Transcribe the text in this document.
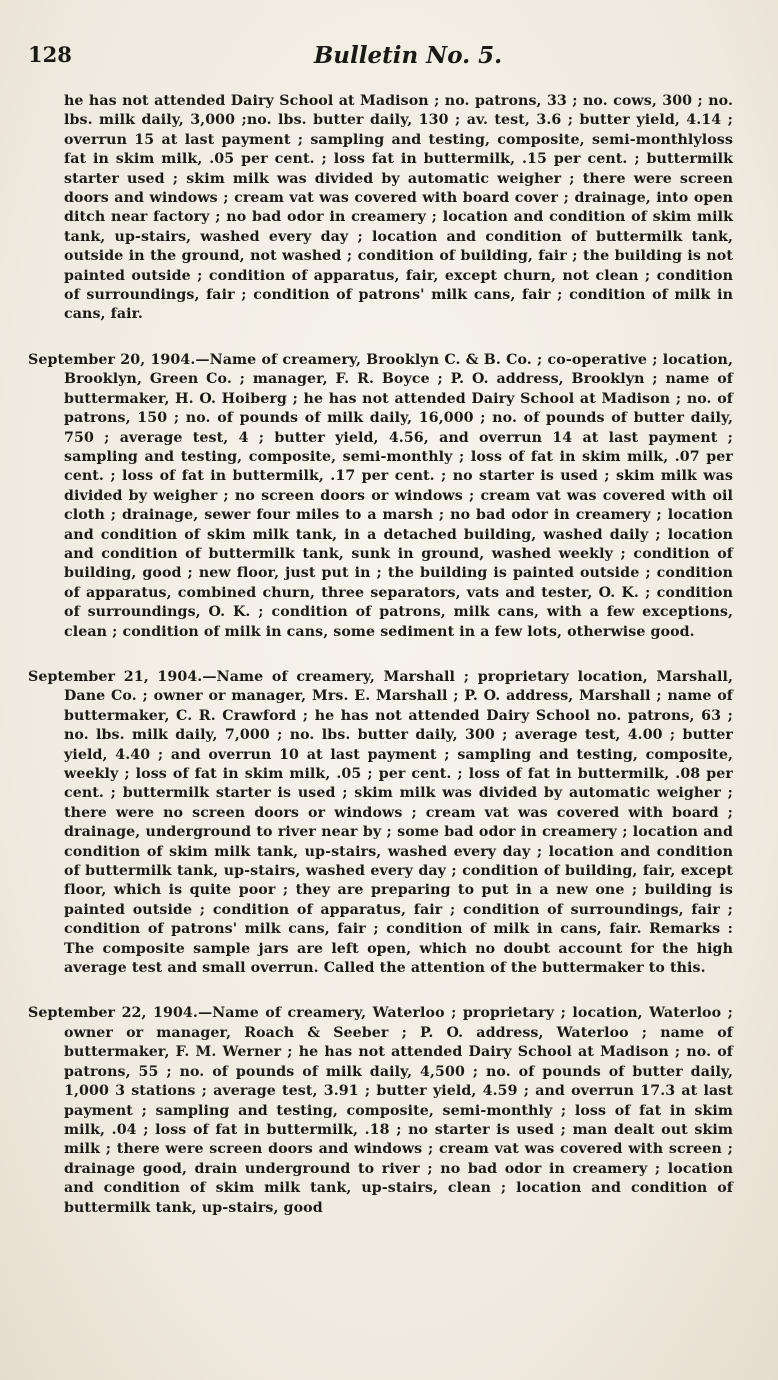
128	Bulletin No. 5.

he has not attended Dairy School at Madison ; no. patrons, 33 ; no. cows, 300 ; no. lbs. milk daily, 3,000 ;no. lbs. butter daily, 130 ; av. test, 3.6 ; butter yield, 4.14 ; overrun 15 at last payment ; sampling and testing, composite, semi-monthlyloss fat in skim milk, .05 per cent. ; loss fat in buttermilk, .15 per cent. ; buttermilk starter used ; skim milk was divided by automatic weigher ; there were screen doors and windows ; cream vat was covered with board cover ; drainage, into open ditch near factory ; no bad odor in creamery ; location and condition of skim milk tank, up-stairs, washed every day ; location and condition of buttermilk tank, outside in the ground, not washed ; condition of building, fair ; the building is not painted outside ; condition of apparatus, fair, except churn, not clean ; condition of surroundings, fair ; condition of patrons' milk cans, fair ; condition of milk in cans, fair.

September 20, 1904.—Name of creamery, Brooklyn C. & B. Co. ; co-operative ; location, Brooklyn, Green Co. ; manager, F. R. Boyce ; P. O. address, Brooklyn ; name of buttermaker, H. O. Hoiberg ; he has not attended Dairy School at Madison ; no. of patrons, 150 ; no. of pounds of milk daily, 16,000 ; no. of pounds of butter daily, 750 ; average test, 4 ; butter yield, 4.56, and overrun 14 at last payment ; sampling and testing, composite, semi-monthly ; loss of fat in skim milk, .07 per cent. ; loss of fat in buttermilk, .17 per cent. ; no starter is used ; skim milk was divided by weigher ; no screen doors or windows ; cream vat was covered with oil cloth ; drainage, sewer four miles to a marsh ; no bad odor in creamery ; location and condition of skim milk tank, in a detached building, washed daily ; location and condition of buttermilk tank, sunk in ground, washed weekly ; condition of building, good ; new floor, just put in ; the building is painted outside ; condition of apparatus, combined churn, three separators, vats and tester, O. K. ; condition of surroundings, O. K. ; condition of patrons, milk cans, with a few exceptions, clean ; condition of milk in cans, some sediment in a few lots, otherwise good.

September 21, 1904.—Name of creamery, Marshall ; proprietary location, Marshall, Dane Co. ; owner or manager, Mrs. E. Marshall ; P. O. address, Marshall ; name of buttermaker, C. R. Crawford ; he has not attended Dairy School no. patrons, 63 ; no. lbs. milk daily, 7,000 ; no. lbs. butter daily, 300 ; average test, 4.00 ; butter yield, 4.40 ; and overrun 10 at last payment ; sampling and testing, composite, weekly ; loss of fat in skim milk, .05 ; per cent. ; loss of fat in buttermilk, .08 per cent. ; buttermilk starter is used ; skim milk was divided by automatic weigher ; there were no screen doors or windows ; cream vat was covered with board ; drainage, underground to river near by ; some bad odor in creamery ; location and condition of skim milk tank, up-stairs, washed every day ; location and condition of buttermilk tank, up-stairs, washed every day ; condition of building, fair, except floor, which is quite poor ; they are preparing to put in a new one ; building is painted outside ; condition of apparatus, fair ; condition of surroundings, fair ; condition of patrons' milk cans, fair ; condition of milk in cans, fair. Remarks : The composite sample jars are left open, which no doubt account for the high average test and small overrun. Called the attention of the buttermaker to this.

September 22, 1904.—Name of creamery, Waterloo ; proprietary ; location, Waterloo ; owner or manager, Roach & Seeber ; P. O. address, Waterloo ; name of buttermaker, F. M. Werner ; he has not attended Dairy School at Madison ; no. of patrons, 55 ; no. of pounds of milk daily, 4,500 ; no. of pounds of butter daily, 1,000 3 stations ; average test, 3.91 ; butter yield, 4.59 ; and overrun 17.3 at last payment ; sampling and testing, composite, semi-monthly ; loss of fat in skim milk, .04 ; loss of fat in buttermilk, .18 ; no starter is used ; man dealt out skim milk ; there were screen doors and windows ; cream vat was covered with screen ; drainage good, drain underground to river ; no bad odor in creamery ; location and condition of skim milk tank, up-stairs, clean ; location and condition of buttermilk tank, up-stairs, good
